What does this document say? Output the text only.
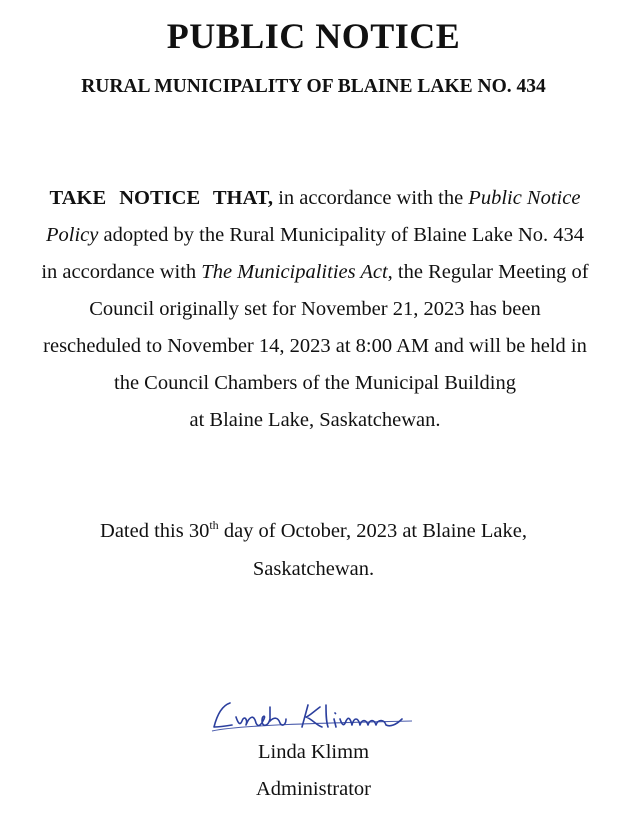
PUBLIC NOTICE
RURAL MUNICIPALITY OF BLAINE LAKE NO. 434
TAKE NOTICE THAT, in accordance with the Public Notice
Policy adopted by the Rural Municipality of Blaine Lake No. 434
in accordance with The Municipalities Act, the Regular Meeting of
Council originally set for November 21, 2023 has been
rescheduled to November 14, 2023 at 8:00 AM and will be held in
the Council Chambers of the Municipal Building
at Blaine Lake, Saskatchewan.
Dated this 30th day of October, 2023 at Blaine Lake,
Saskatchewan.
Linda Klimm
Administrator
